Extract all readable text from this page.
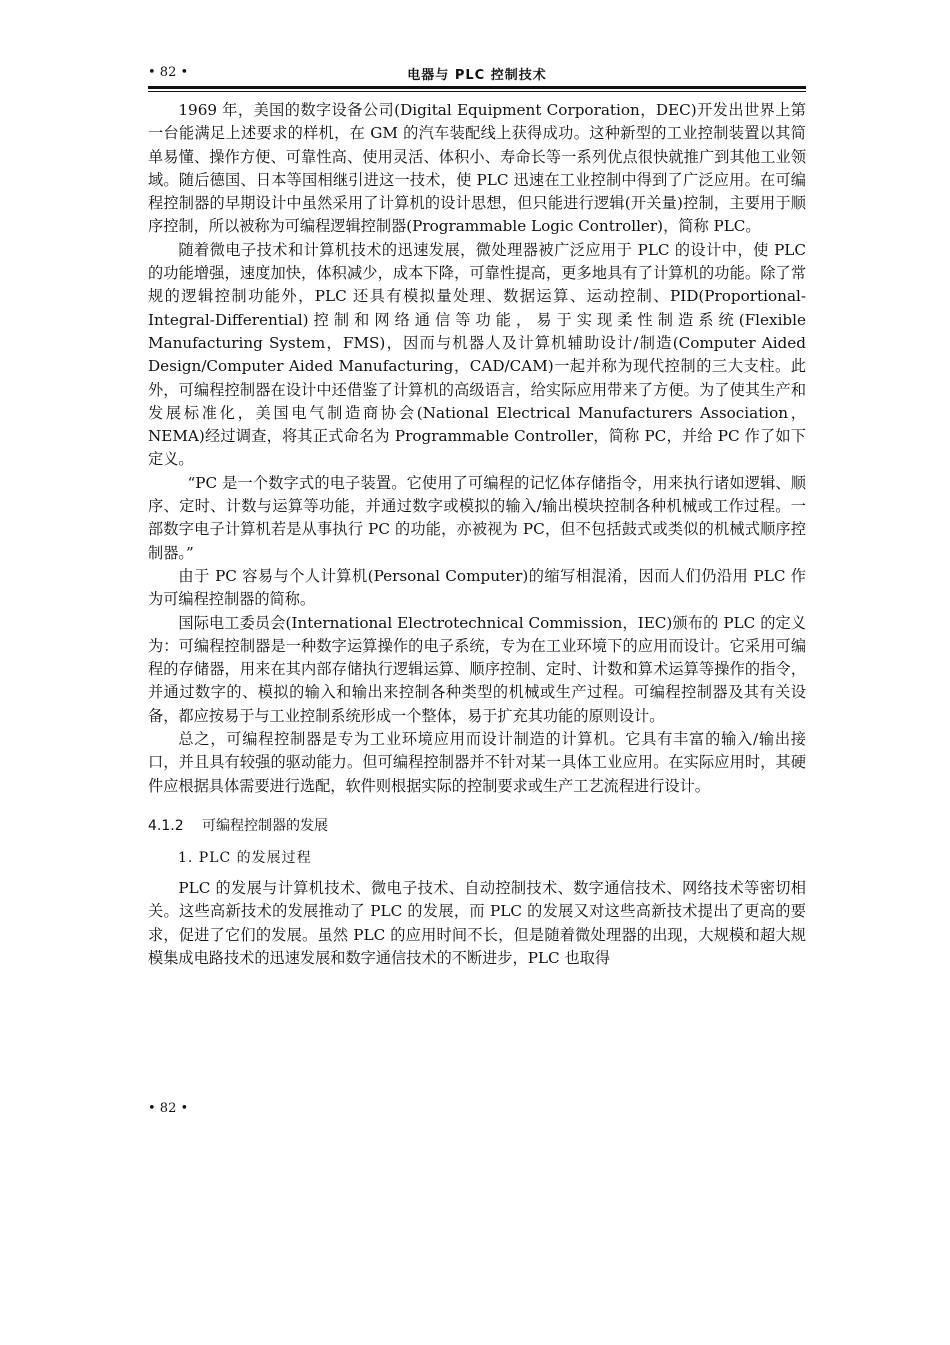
• 82 •	电器与 PLC 控制技术

1969 年，美国的数字设备公司(Digital Equipment Corporation，DEC)开发出世界上第一台能满足上述要求的样机，在 GM 的汽车装配线上获得成功。这种新型的工业控制装置以其简单易懂、操作方便、可靠性高、使用灵活、体积小、寿命长等一系列优点很快就推广到其他工业领域。随后德国、日本等国相继引进这一技术，使 PLC 迅速在工业控制中得到了广泛应用。在可编程控制器的早期设计中虽然采用了计算机的设计思想，但只能进行逻辑(开关量)控制，主要用于顺序控制，所以被称为可编程逻辑控制器(Programmable Logic Controller)，简称 PLC。

随着微电子技术和计算机技术的迅速发展，微处理器被广泛应用于 PLC 的设计中，使 PLC 的功能增强，速度加快，体积减少，成本下降，可靠性提高，更多地具有了计算机的功能。除了常规的逻辑控制功能外，PLC 还具有模拟量处理、数据运算、运动控制、PID(Proportional-Integral-Differential)控制和网络通信等功能，易于实现柔性制造系统(Flexible Manufacturing System，FMS)，因而与机器人及计算机辅助设计/制造(Computer Aided Design/Computer Aided Manufacturing，CAD/CAM)一起并称为现代控制的三大支柱。此外，可编程控制器在设计中还借鉴了计算机的高级语言，给实际应用带来了方便。为了使其生产和发展标准化，美国电气制造商协会(National Electrical Manufacturers Association，NEMA)经过调查，将其正式命名为 Programmable Controller，简称 PC，并给 PC 作了如下定义。

“PC 是一个数字式的电子装置。它使用了可编程的记忆体存储指令，用来执行诸如逻辑、顺序、定时、计数与运算等功能，并通过数字或模拟的输入/输出模块控制各种机械或工作过程。一部数字电子计算机若是从事执行 PC 的功能，亦被视为 PC，但不包括鼓式或类似的机械式顺序控制器。”

由于 PC 容易与个人计算机(Personal Computer)的缩写相混淆，因而人们仍沿用 PLC 作为可编程控制器的简称。

国际电工委员会(International Electrotechnical Commission，IEC)颁布的 PLC 的定义为：可编程控制器是一种数字运算操作的电子系统，专为在工业环境下的应用而设计。它采用可编程的存储器，用来在其内部存储执行逻辑运算、顺序控制、定时、计数和算术运算等操作的指令，并通过数字的、模拟的输入和输出来控制各种类型的机械或生产过程。可编程控制器及其有关设备，都应按易于与工业控制系统形成一个整体，易于扩充其功能的原则设计。

总之，可编程控制器是专为工业环境应用而设计制造的计算机。它具有丰富的输入/输出接口，并且具有较强的驱动能力。但可编程控制器并不针对某一具体工业应用。在实际应用时，其硬件应根据具体需要进行选配，软件则根据实际的控制要求或生产工艺流程进行设计。

4.1.2 可编程控制器的发展
1. PLC 的发展过程

PLC 的发展与计算机技术、微电子技术、自动控制技术、数字通信技术、网络技术等密切相关。这些高新技术的发展推动了 PLC 的发展，而 PLC 的发展又对这些高新技术提出了更高的要求，促进了它们的发展。虽然 PLC 的应用时间不长，但是随着微处理器的出现，大规模和超大规模集成电路技术的迅速发展和数字通信技术的不断进步，PLC 也取得

• 82 •
